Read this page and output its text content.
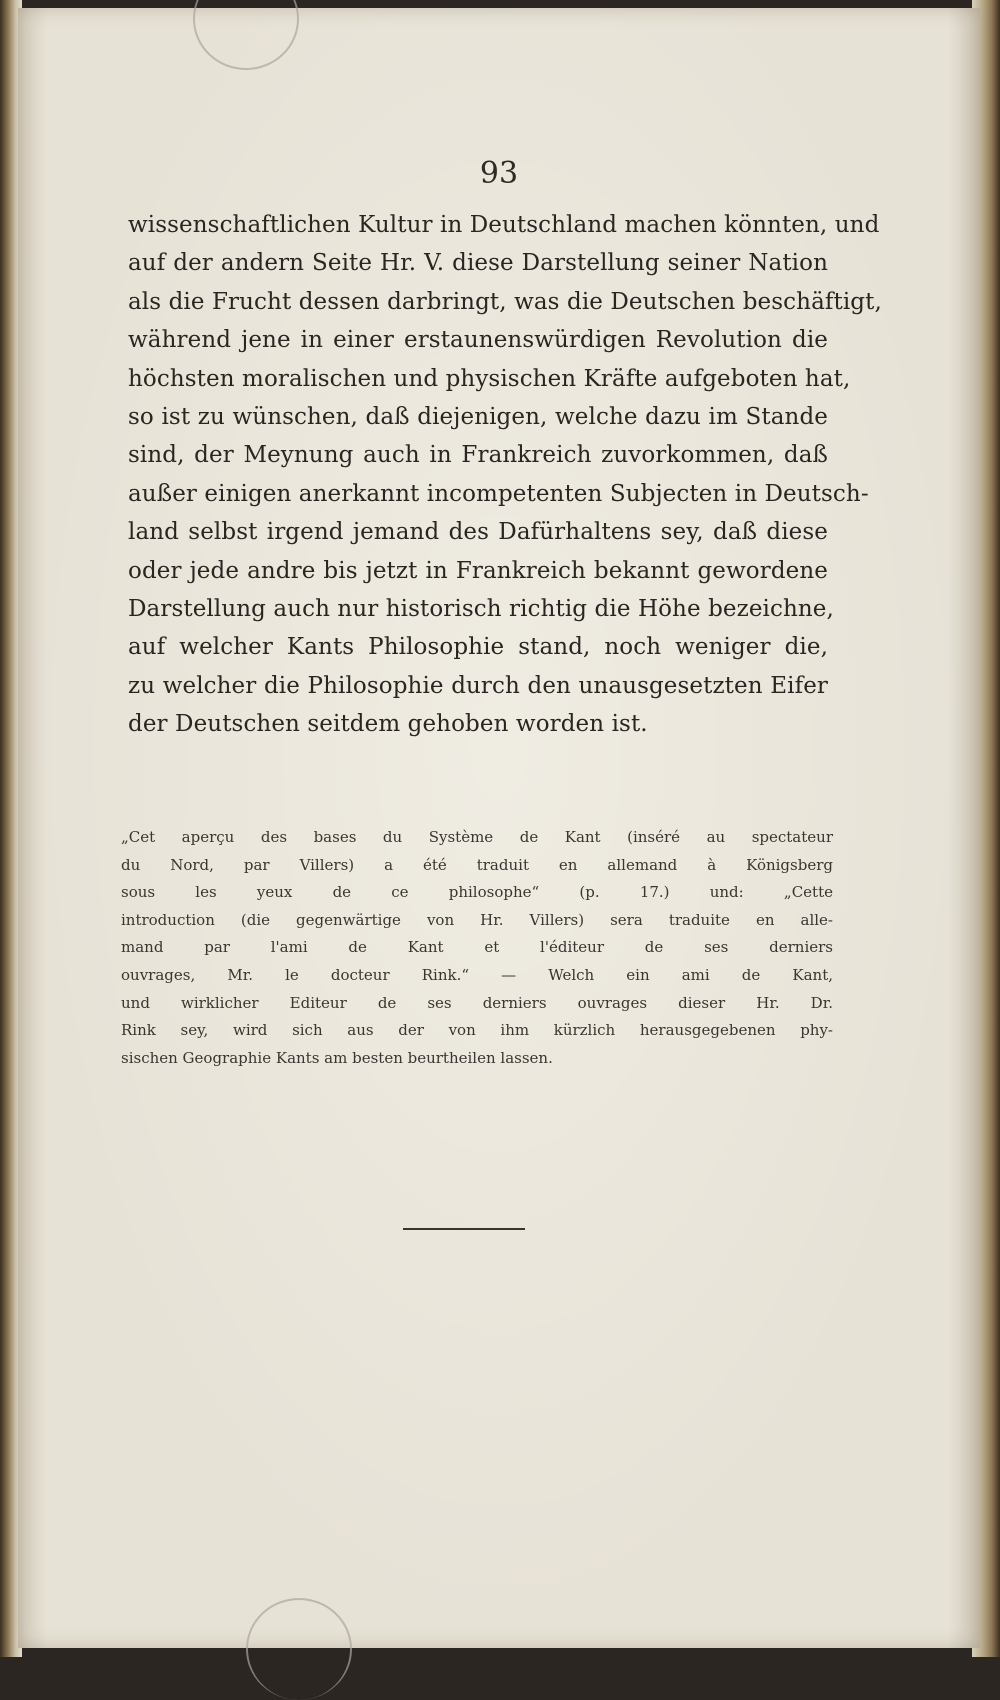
93
wissenschaftlichen Kultur in Deutschland machen könnten, und
auf der andern Seite Hr. V. diese Darstellung seiner Nation
als die Frucht dessen darbringt, was die Deutschen beschäftigt,
während jene in einer erstaunenswürdigen Revolution die
höchsten moralischen und physischen Kräfte aufgeboten hat,
so ist zu wünschen, daß diejenigen, welche dazu im Stande
sind, der Meynung auch in Frankreich zuvorkommen, daß
außer einigen anerkannt incompetenten Subjecten in Deutsch-
land selbst irgend jemand des Dafürhaltens sey, daß diese
oder jede andre bis jetzt in Frankreich bekannt gewordene
Darstellung auch nur historisch richtig die Höhe bezeichne,
auf welcher Kants Philosophie stand, noch weniger die,
zu welcher die Philosophie durch den unausgesetzten Eifer
der Deutschen seitdem gehoben worden ist.
„Cet aperçu des bases du Système de Kant (inséré au spectateur
du Nord, par Villers) a été traduit en allemand à Königsberg
sous les yeux de ce philosophe“ (p. 17.) und: „Cette
introduction (die gegenwärtige von Hr. Villers) sera traduite en alle-
mand par l'ami de Kant et l'éditeur de ses derniers
ouvrages, Mr. le docteur Rink.“ — Welch ein ami de Kant,
und wirklicher Editeur de ses derniers ouvrages dieser Hr. Dr.
Rink sey, wird sich aus der von ihm kürzlich herausgegebenen phy-
sischen Geographie Kants am besten beurtheilen lassen.
